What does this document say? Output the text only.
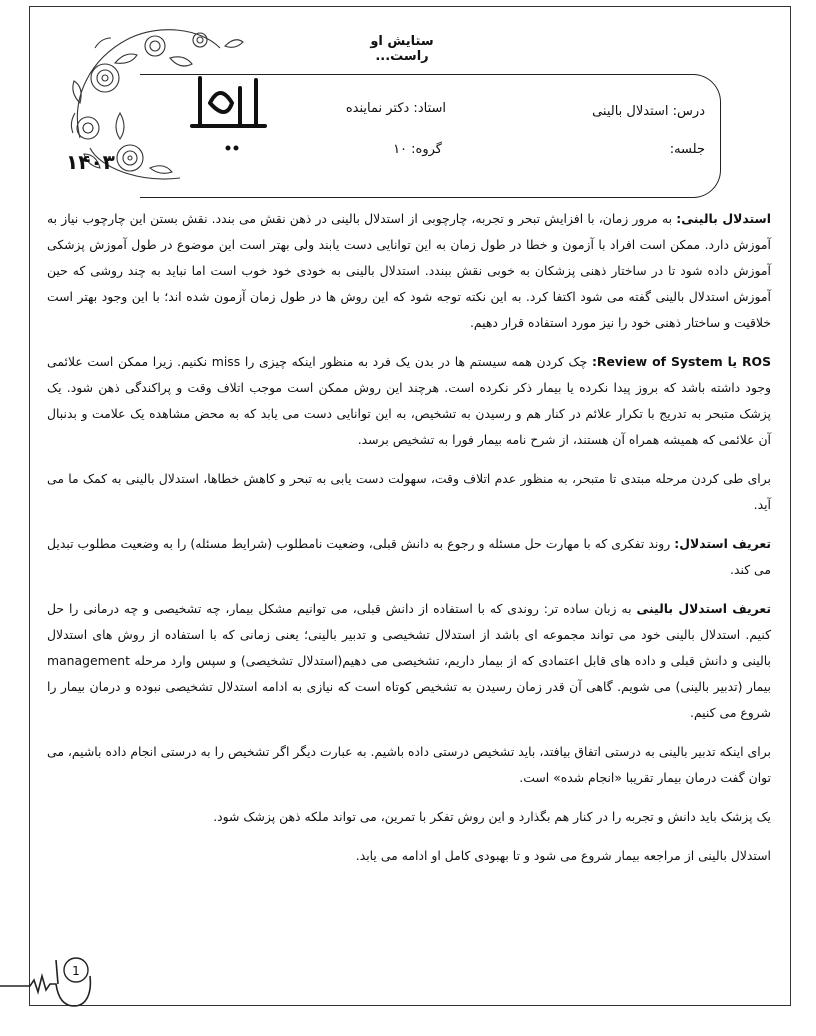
ستایش او راست...
۱۴۰۳
درس: استدلال بالینی
استاد: دکتر نماینده
جلسه:
گروه: ۱۰

استدلال بالینی: به مرور زمان، با افزایش تبحر و تجربه، چارچوبی از استدلال بالینی در ذهن نقش می بندد. نقش بستن این چارچوب نیاز به آموزش دارد. ممکن است افراد با آزمون و خطا در طول زمان به این توانایی دست یابند ولی بهتر است این موضوع در طول آموزش پزشکی آموزش داده شود تا در ساختار ذهنی پزشکان به خوبی نقش ببندد. استدلال بالینی به خودی خود خوب است اما نباید به چند روشی که حین آموزش استدلال بالینی گفته می شود اکتفا کرد. به این نکته توجه شود که این روش ها در طول زمان آزمون شده اند؛ با این وجود بهتر است خلاقیت و ساختار ذهنی خود را نیز مورد استفاده قرار دهیم.

ROS یا Review of System: چک کردن همه سیستم ها در بدن یک فرد به منظور اینکه چیزی را miss نکنیم. زیرا ممکن است علائمی وجود داشته باشد که بروز پیدا نکرده یا بیمار ذکر نکرده است. هرچند این روش ممکن است موجب اتلاف وقت و پراکندگی ذهن شود. یک پزشک متبحر به تدریج با تکرار علائم در کنار هم و رسیدن به تشخیص، به این توانایی دست می یابد که به محض مشاهده یک علامت و بدنبال آن علائمی که همیشه همراه آن هستند، از شرح نامه بیمار فورا به تشخیص برسد.

برای طی کردن مرحله مبتدی تا متبحر، به منظور عدم اتلاف وقت، سهولت دست یابی به تبحر و کاهش خطاها، استدلال بالینی به کمک ما می آید.

تعریف استدلال: روند تفکری که با مهارت حل مسئله و رجوع به دانش قبلی، وضعیت نامطلوب (شرایط مسئله) را به وضعیت مطلوب تبدیل می کند.

تعریف استدلال بالینی به زبان ساده تر: روندی که با استفاده از دانش قبلی، می توانیم مشکل بیمار، چه تشخیصی و چه درمانی را حل کنیم. استدلال بالینی خود می تواند مجموعه ای باشد از استدلال تشخیصی و تدبیر بالینی؛ یعنی زمانی که با استفاده از روش های استدلال بالینی و دانش قبلی و داده های قابل اعتمادی که از بیمار داریم، تشخیصی می دهیم(استدلال تشخیصی) و سپس وارد مرحله management بیمار (تدبیر بالینی) می شویم. گاهی آن قدر زمان رسیدن به تشخیص کوتاه است که نیازی به ادامه استدلال تشخیصی نبوده و درمان بیمار را شروع می کنیم.

برای اینکه تدبیر بالینی به درستی اتفاق بیافتد، باید تشخیص درستی داده باشیم. به عبارت دیگر اگر تشخیص را به درستی انجام داده باشیم، می توان گفت درمان بیمار تقریبا «انجام شده» است.

یک پزشک باید دانش و تجربه را در کنار هم بگذارد و این روش تفکر با تمرین، می تواند ملکه ذهن پزشک شود.

استدلال بالینی از مراجعه بیمار شروع می شود و تا بهبودی کامل او ادامه می یابد.

1
